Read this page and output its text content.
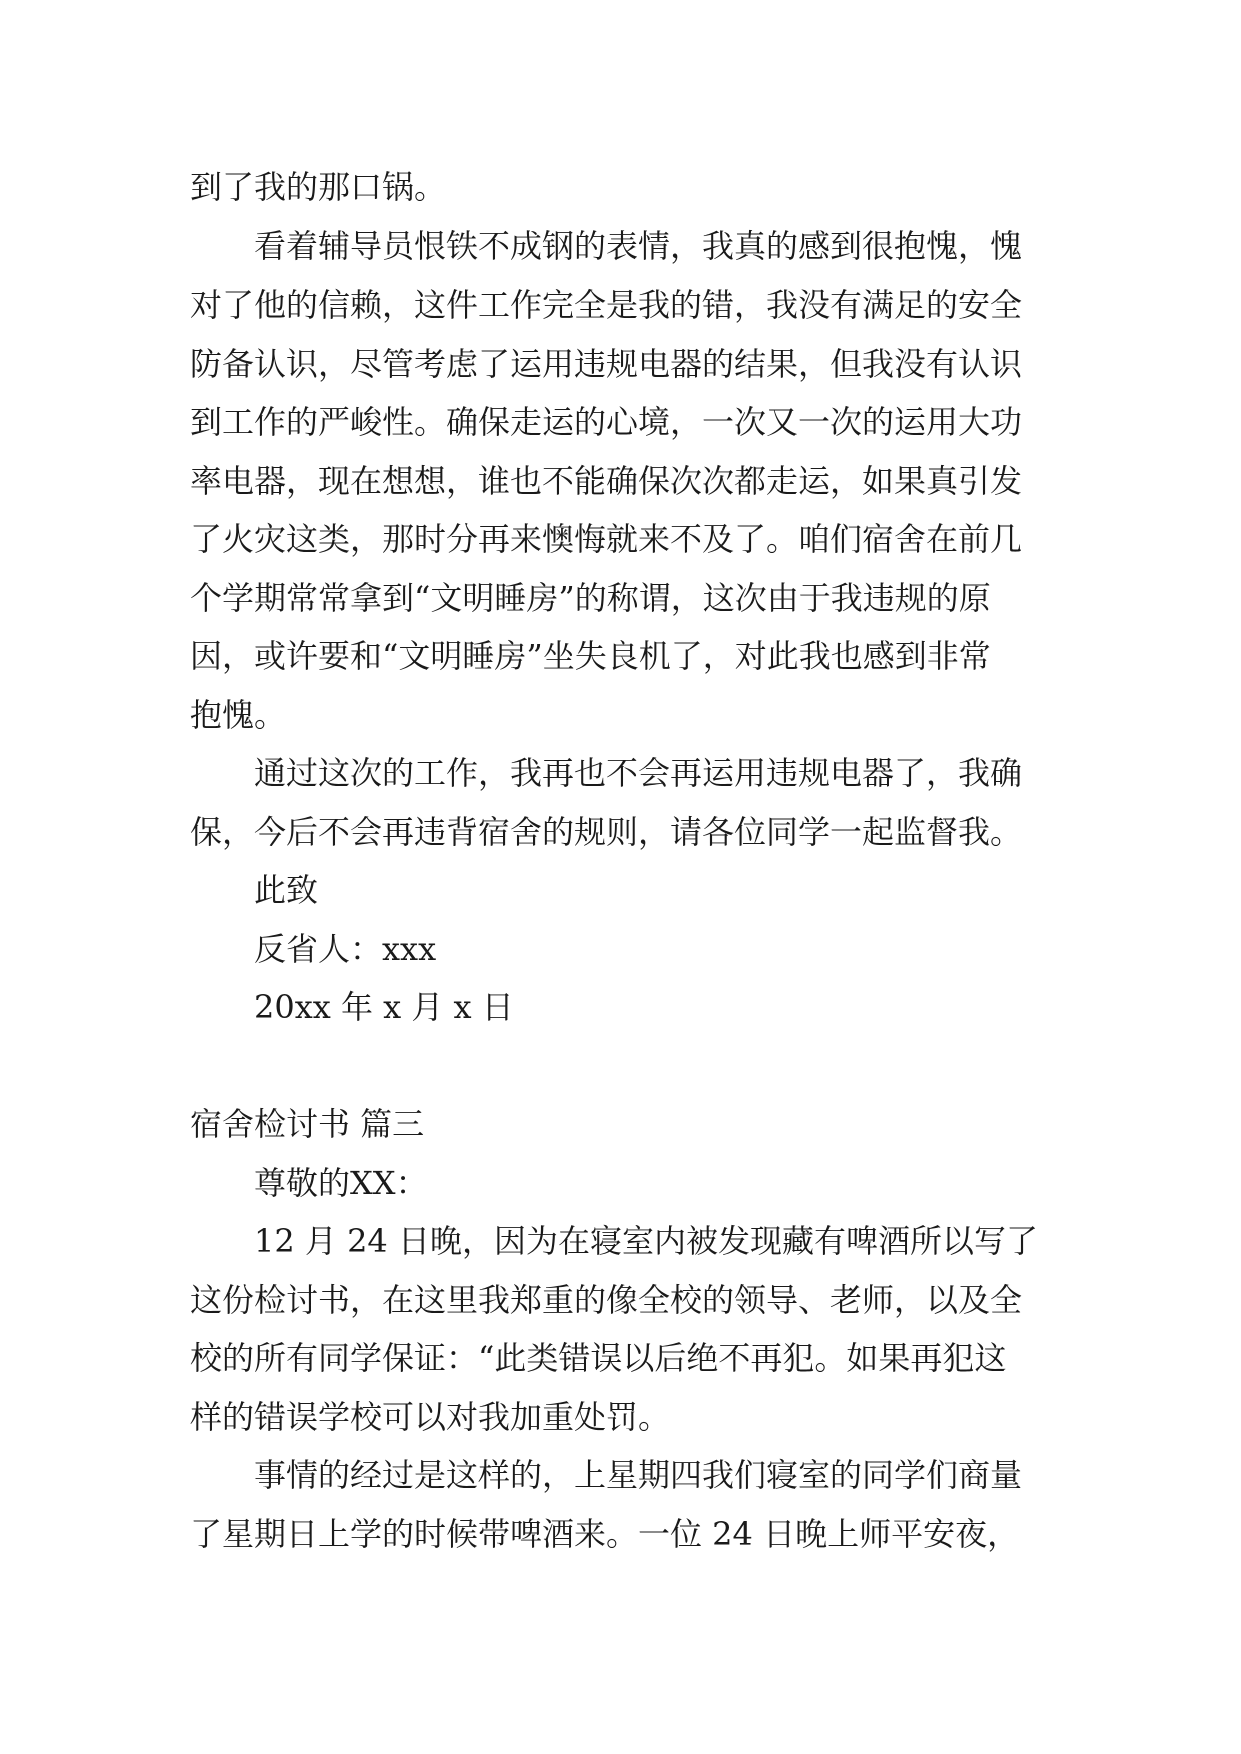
到了我的那口锅。
看着辅导员恨铁不成钢的表情，我真的感到很抱愧，愧
对了他的信赖，这件工作完全是我的错，我没有满足的安全
防备认识，尽管考虑了运用违规电器的结果，但我没有认识
到工作的严峻性。确保走运的心境，一次又一次的运用大功
率电器，现在想想，谁也不能确保次次都走运，如果真引发
了火灾这类，那时分再来懊悔就来不及了。咱们宿舍在前几
个学期常常拿到“文明睡房”的称谓，这次由于我违规的原
因，或许要和“文明睡房”坐失良机了，对此我也感到非常
抱愧。
通过这次的工作，我再也不会再运用违规电器了，我确
保，今后不会再违背宿舍的规则，请各位同学一起监督我。
此致
反省人：xxx
20xx 年 x 月 x 日
宿舍检讨书 篇三
尊敬的XX：
12 月 24 日晚，因为在寝室内被发现藏有啤酒所以写了
这份检讨书，在这里我郑重的像全校的领导、老师，以及全
校的所有同学保证：“此类错误以后绝不再犯。如果再犯这
样的错误学校可以对我加重处罚。
事情的经过是这样的，上星期四我们寝室的同学们商量
了星期日上学的时候带啤酒来。一位 24 日晚上师平安夜，
